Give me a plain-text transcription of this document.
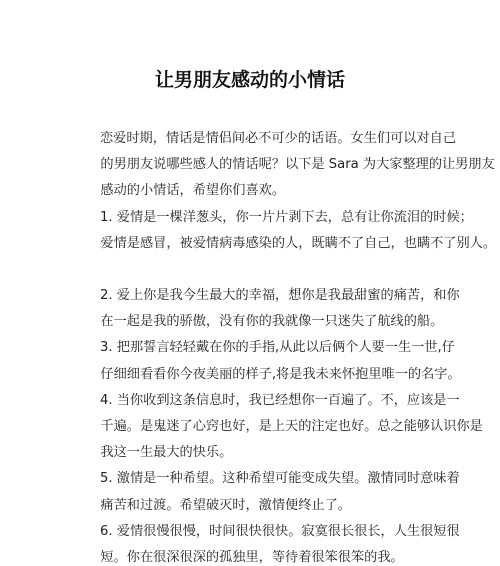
让男朋友感动的小情话

恋爱时期，情话是情侣间必不可少的话语。女生们可以对自己
的男朋友说哪些感人的情话呢？以下是 Sara 为大家整理的让男朋友
感动的小情话，希望你们喜欢。

1. 爱情是一棵洋葱头，你一片片剥下去，总有让你流泪的时候；
爱情是感冒，被爱情病毒感染的人，既瞒不了自己，也瞒不了别人。

2. 爱上你是我今生最大的幸福，想你是我最甜蜜的痛苦，和你
在一起是我的骄傲，没有你的我就像一只迷失了航线的船。

3. 把那誓言轻轻戴在你的手指,从此以后俩个人要一生一世,仔
仔细细看看你今夜美丽的样子,将是我未来怀抱里唯一的名字。

4. 当你收到这条信息时，我已经想你一百遍了。不，应该是一
千遍。是鬼迷了心窍也好，是上天的注定也好。总之能够认识你是
我这一生最大的快乐。

5. 激情是一种希望。这种希望可能变成失望。激情同时意味着
痛苦和过渡。希望破灭时，激情便终止了。

6. 爱情很慢很慢，时间很快很快。寂寞很长很长，人生很短很
短。你在很深很深的孤独里，等待着很笨很笨的我。
